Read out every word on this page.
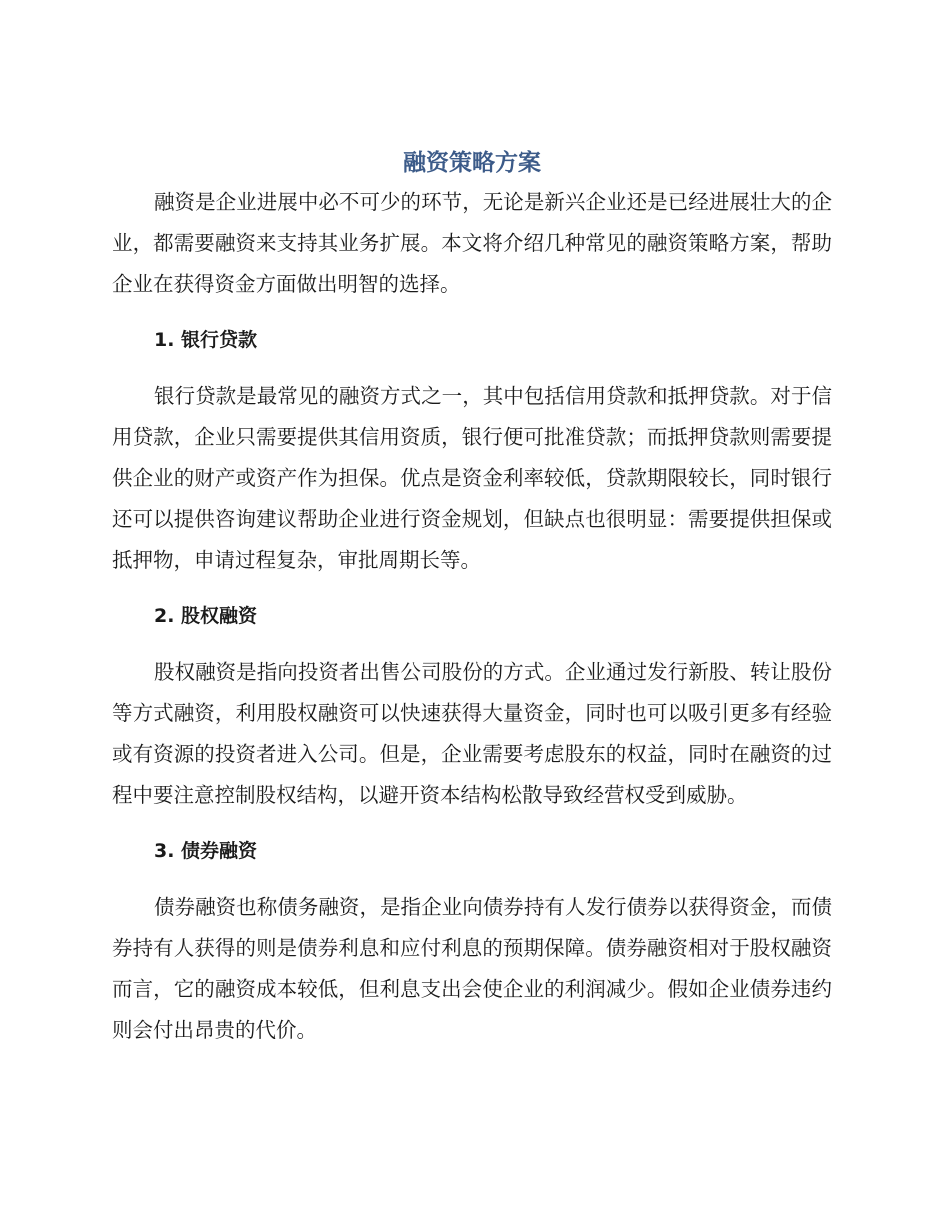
融资策略方案

融资是企业进展中必不可少的环节，无论是新兴企业还是已经进展壮大的企业，都需要融资来支持其业务扩展。本文将介绍几种常见的融资策略方案，帮助企业在获得资金方面做出明智的选择。

1. 银行贷款

银行贷款是最常见的融资方式之一，其中包括信用贷款和抵押贷款。对于信用贷款，企业只需要提供其信用资质，银行便可批准贷款；而抵押贷款则需要提供企业的财产或资产作为担保。优点是资金利率较低，贷款期限较长，同时银行还可以提供咨询建议帮助企业进行资金规划，但缺点也很明显：需要提供担保或抵押物，申请过程复杂，审批周期长等。

2. 股权融资

股权融资是指向投资者出售公司股份的方式。企业通过发行新股、转让股份等方式融资，利用股权融资可以快速获得大量资金，同时也可以吸引更多有经验或有资源的投资者进入公司。但是，企业需要考虑股东的权益，同时在融资的过程中要注意控制股权结构，以避开资本结构松散导致经营权受到威胁。

3. 债券融资

债券融资也称债务融资，是指企业向债券持有人发行债券以获得资金，而债券持有人获得的则是债券利息和应付利息的预期保障。债券融资相对于股权融资而言，它的融资成本较低，但利息支出会使企业的利润减少。假如企业债券违约则会付出昂贵的代价。
